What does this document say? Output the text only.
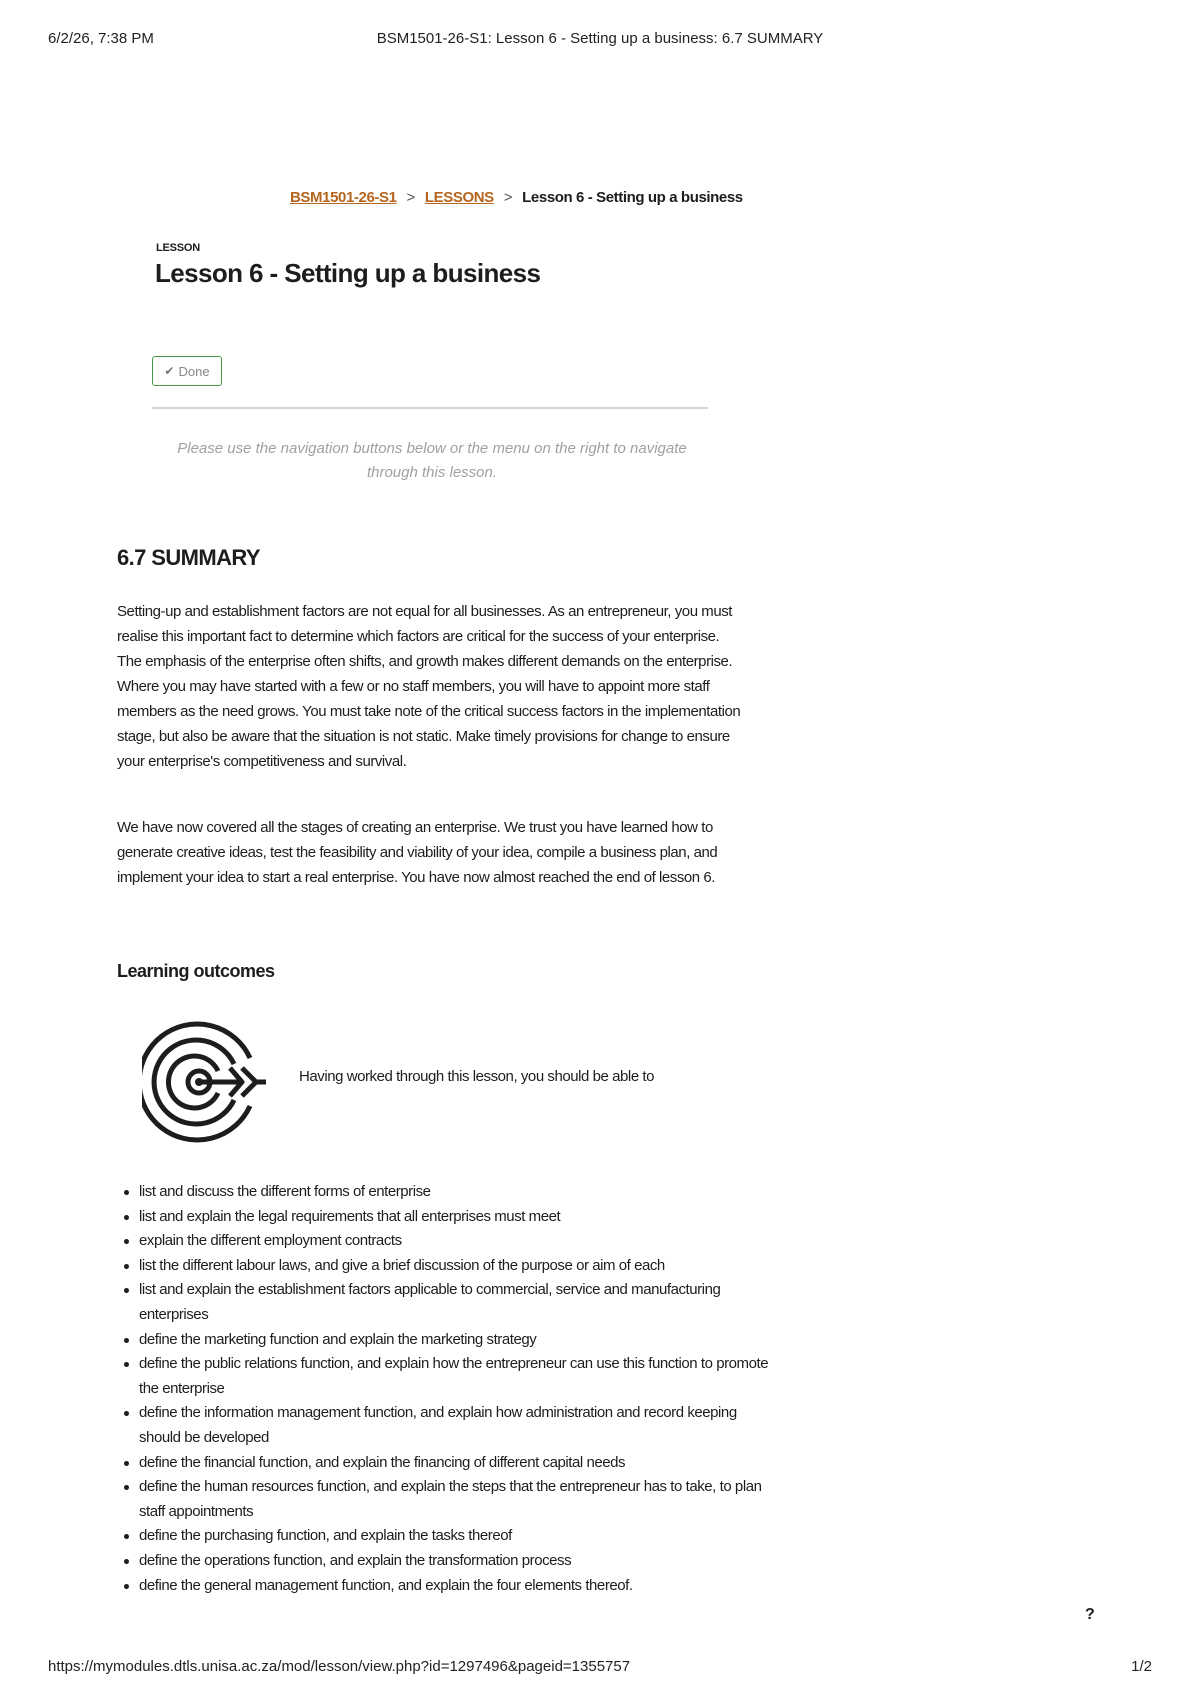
6/2/26, 7:38 PM	BSM1501-26-S1: Lesson 6 - Setting up a business: 6.7 SUMMARY
BSM1501-26-S1 > LESSONS > Lesson 6 - Setting up a business
LESSON
Lesson 6 - Setting up a business
✔ Done
Please use the navigation buttons below or the menu on the right to navigate through this lesson.
6.7 SUMMARY

Setting-up and establishment factors are not equal for all businesses. As an entrepreneur, you must realise this important fact to determine which factors are critical for the success of your enterprise. The emphasis of the enterprise often shifts, and growth makes different demands on the enterprise. Where you may have started with a few or no staff members, you will have to appoint more staff members as the need grows. You must take note of the critical success factors in the implementation stage, but also be aware that the situation is not static. Make timely provisions for change to ensure your enterprise's competitiveness and survival.

We have now covered all the stages of creating an enterprise. We trust you have learned how to generate creative ideas, test the feasibility and viability of your idea, compile a business plan, and implement your idea to start a real enterprise. You have now almost reached the end of lesson 6.

Learning outcomes
Having worked through this lesson, you should be able to
list and discuss the different forms of enterprise
list and explain the legal requirements that all enterprises must meet
explain the different employment contracts
list the different labour laws, and give a brief discussion of the purpose or aim of each
list and explain the establishment factors applicable to commercial, service and manufacturing enterprises
define the marketing function and explain the marketing strategy
define the public relations function, and explain how the entrepreneur can use this function to promote the enterprise
define the information management function, and explain how administration and record keeping should be developed
define the financial function, and explain the financing of different capital needs
define the human resources function, and explain the steps that the entrepreneur has to take, to plan staff appointments
define the purchasing function, and explain the tasks thereof
define the operations function, and explain the transformation process
define the general management function, and explain the four elements thereof.
?
https://mymodules.dtls.unisa.ac.za/mod/lesson/view.php?id=1297496&pageid=1355757	1/2
